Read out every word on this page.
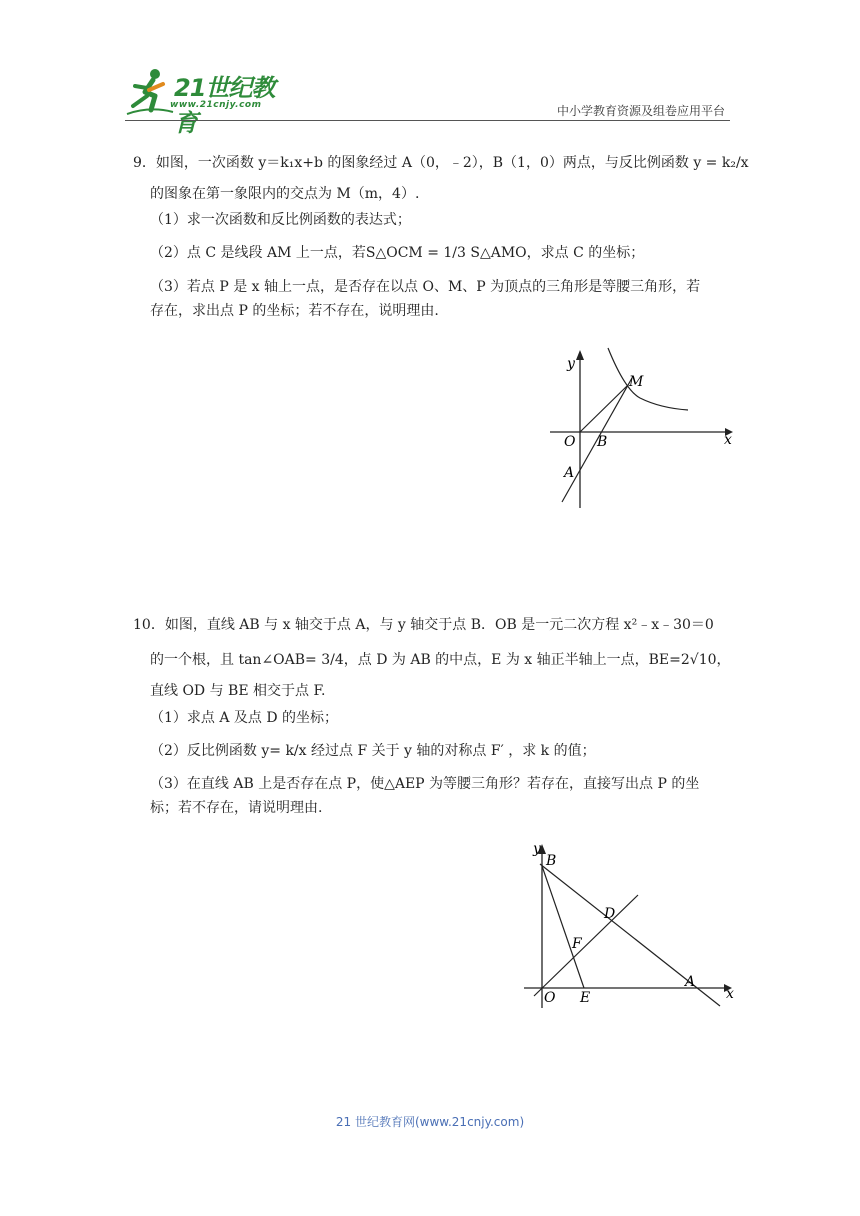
21世纪教育
www.21cnjy.com	中小学教育资源及组卷应用平台
9．如图，一次函数 y＝k₁x+b 的图象经过 A（0，﹣2），B（1，0）两点，与反比例函数 y = k₂/x
的图象在第一象限内的交点为 M（m，4）.
（1）求一次函数和反比例函数的表达式；
（2）点 C 是线段 AM 上一点，若S△OCM = 1/3 S△AMO，求点 C 的坐标；
（3）若点 P 是 x 轴上一点，是否存在以点 O、M、P 为顶点的三角形是等腰三角形，若
存在，求出点 P 的坐标；若不存在，说明理由.
y
x
M
O B
A
10．如图，直线 AB 与 x 轴交于点 A，与 y 轴交于点 B．OB 是一元二次方程 x²﹣x﹣30＝0
的一个根，且 tan∠OAB= 3/4，点 D 为 AB 的中点，E 为 x 轴正半轴上一点，BE=2√10，
直线 OD 与 BE 相交于点 F.
（1）求点 A 及点 D 的坐标；
（2）反比例函数 y= k/x 经过点 F 关于 y 轴的对称点 F′ ，求 k 的值；
（3）在直线 AB 上是否存在点 P，使△AEP 为等腰三角形？若存在，直接写出点 P 的坐
标；若不存在，请说明理由.
y
x
B
D
F
A
O E
21 世纪教育网(www.21cnjy.com)
